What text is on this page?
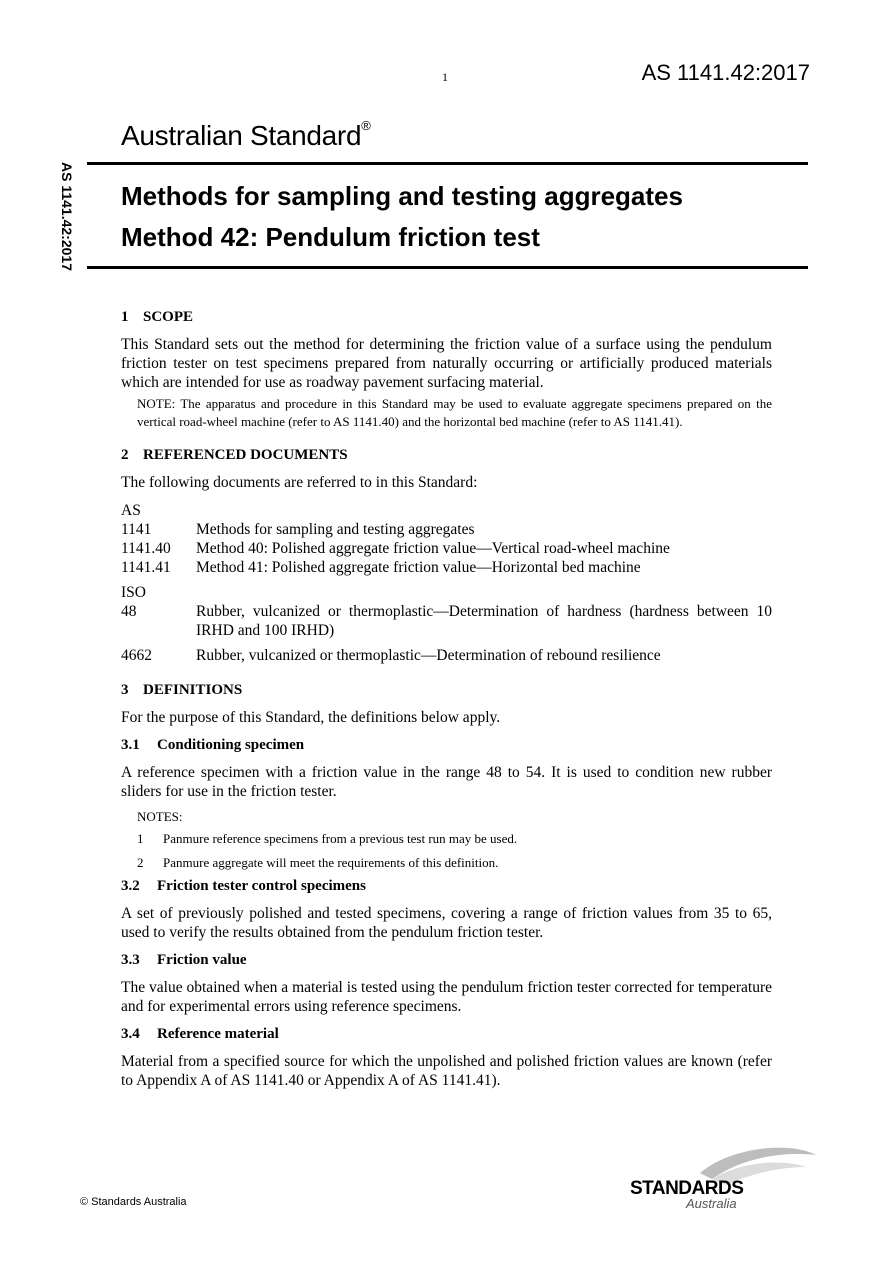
1	AS 1141.42:2017
Australian Standard®
AS 1141.42:2017 Methods for sampling and testing aggregates
Method 42: Pendulum friction test
1 SCOPE

This Standard sets out the method for determining the friction value of a surface using the pendulum friction tester on test specimens prepared from naturally occurring or artificially produced materials which are intended for use as roadway pavement surfacing material.

NOTE: The apparatus and procedure in this Standard may be used to evaluate aggregate specimens prepared on the vertical road-wheel machine (refer to AS 1141.40) and the horizontal bed machine (refer to AS 1141.41).
2 REFERENCED DOCUMENTS

The following documents are referred to in this Standard:

AS
1141	Methods for sampling and testing aggregates
1141.40	Method 40: Polished aggregate friction value—Vertical road-wheel machine
1141.41	Method 41: Polished aggregate friction value—Horizontal bed machine
ISO
48	Rubber, vulcanized or thermoplastic—Determination of hardness (hardness between 10 IRHD and 100 IRHD)
4662	Rubber, vulcanized or thermoplastic—Determination of rebound resilience
3 DEFINITIONS

For the purpose of this Standard, the definitions below apply.

3.1 Conditioning specimen

A reference specimen with a friction value in the range 48 to 54. It is used to condition new rubber sliders for use in the friction tester.

NOTES:
1	Panmure reference specimens from a previous test run may be used.
2	Panmure aggregate will meet the requirements of this definition.
3.2 Friction tester control specimens

A set of previously polished and tested specimens, covering a range of friction values from 35 to 65, used to verify the results obtained from the pendulum friction tester.

3.3 Friction value

The value obtained when a material is tested using the pendulum friction tester corrected for temperature and for experimental errors using reference specimens.

3.4 Reference material

Material from a specified source for which the unpolished and polished friction values are known (refer to Appendix A of AS 1141.40 or Appendix A of AS 1141.41).

© Standards Australia
STANDARDS
Australia
